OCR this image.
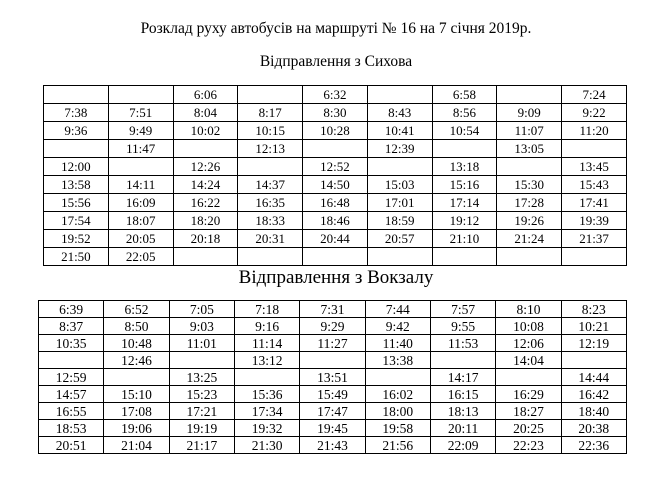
Розклад руху автобусів на маршруті № 16 на 7 січня 2019р.
Відправлення з Сихова
		6:06		6:32		6:58		7:24
7:38	7:51	8:04	8:17	8:30	8:43	8:56	9:09	9:22
9:36	9:49	10:02	10:15	10:28	10:41	10:54	11:07	11:20
	11:47		12:13		12:39		13:05	
12:00		12:26		12:52		13:18		13:45
13:58	14:11	14:24	14:37	14:50	15:03	15:16	15:30	15:43
15:56	16:09	16:22	16:35	16:48	17:01	17:14	17:28	17:41
17:54	18:07	18:20	18:33	18:46	18:59	19:12	19:26	19:39
19:52	20:05	20:18	20:31	20:44	20:57	21:10	21:24	21:37
21:50	22:05							
Відправлення з Вокзалу
6:39	6:52	7:05	7:18	7:31	7:44	7:57	8:10	8:23
8:37	8:50	9:03	9:16	9:29	9:42	9:55	10:08	10:21
10:35	10:48	11:01	11:14	11:27	11:40	11:53	12:06	12:19
	12:46		13:12		13:38		14:04	
12:59		13:25		13:51		14:17		14:44
14:57	15:10	15:23	15:36	15:49	16:02	16:15	16:29	16:42
16:55	17:08	17:21	17:34	17:47	18:00	18:13	18:27	18:40
18:53	19:06	19:19	19:32	19:45	19:58	20:11	20:25	20:38
20:51	21:04	21:17	21:30	21:43	21:56	22:09	22:23	22:36
